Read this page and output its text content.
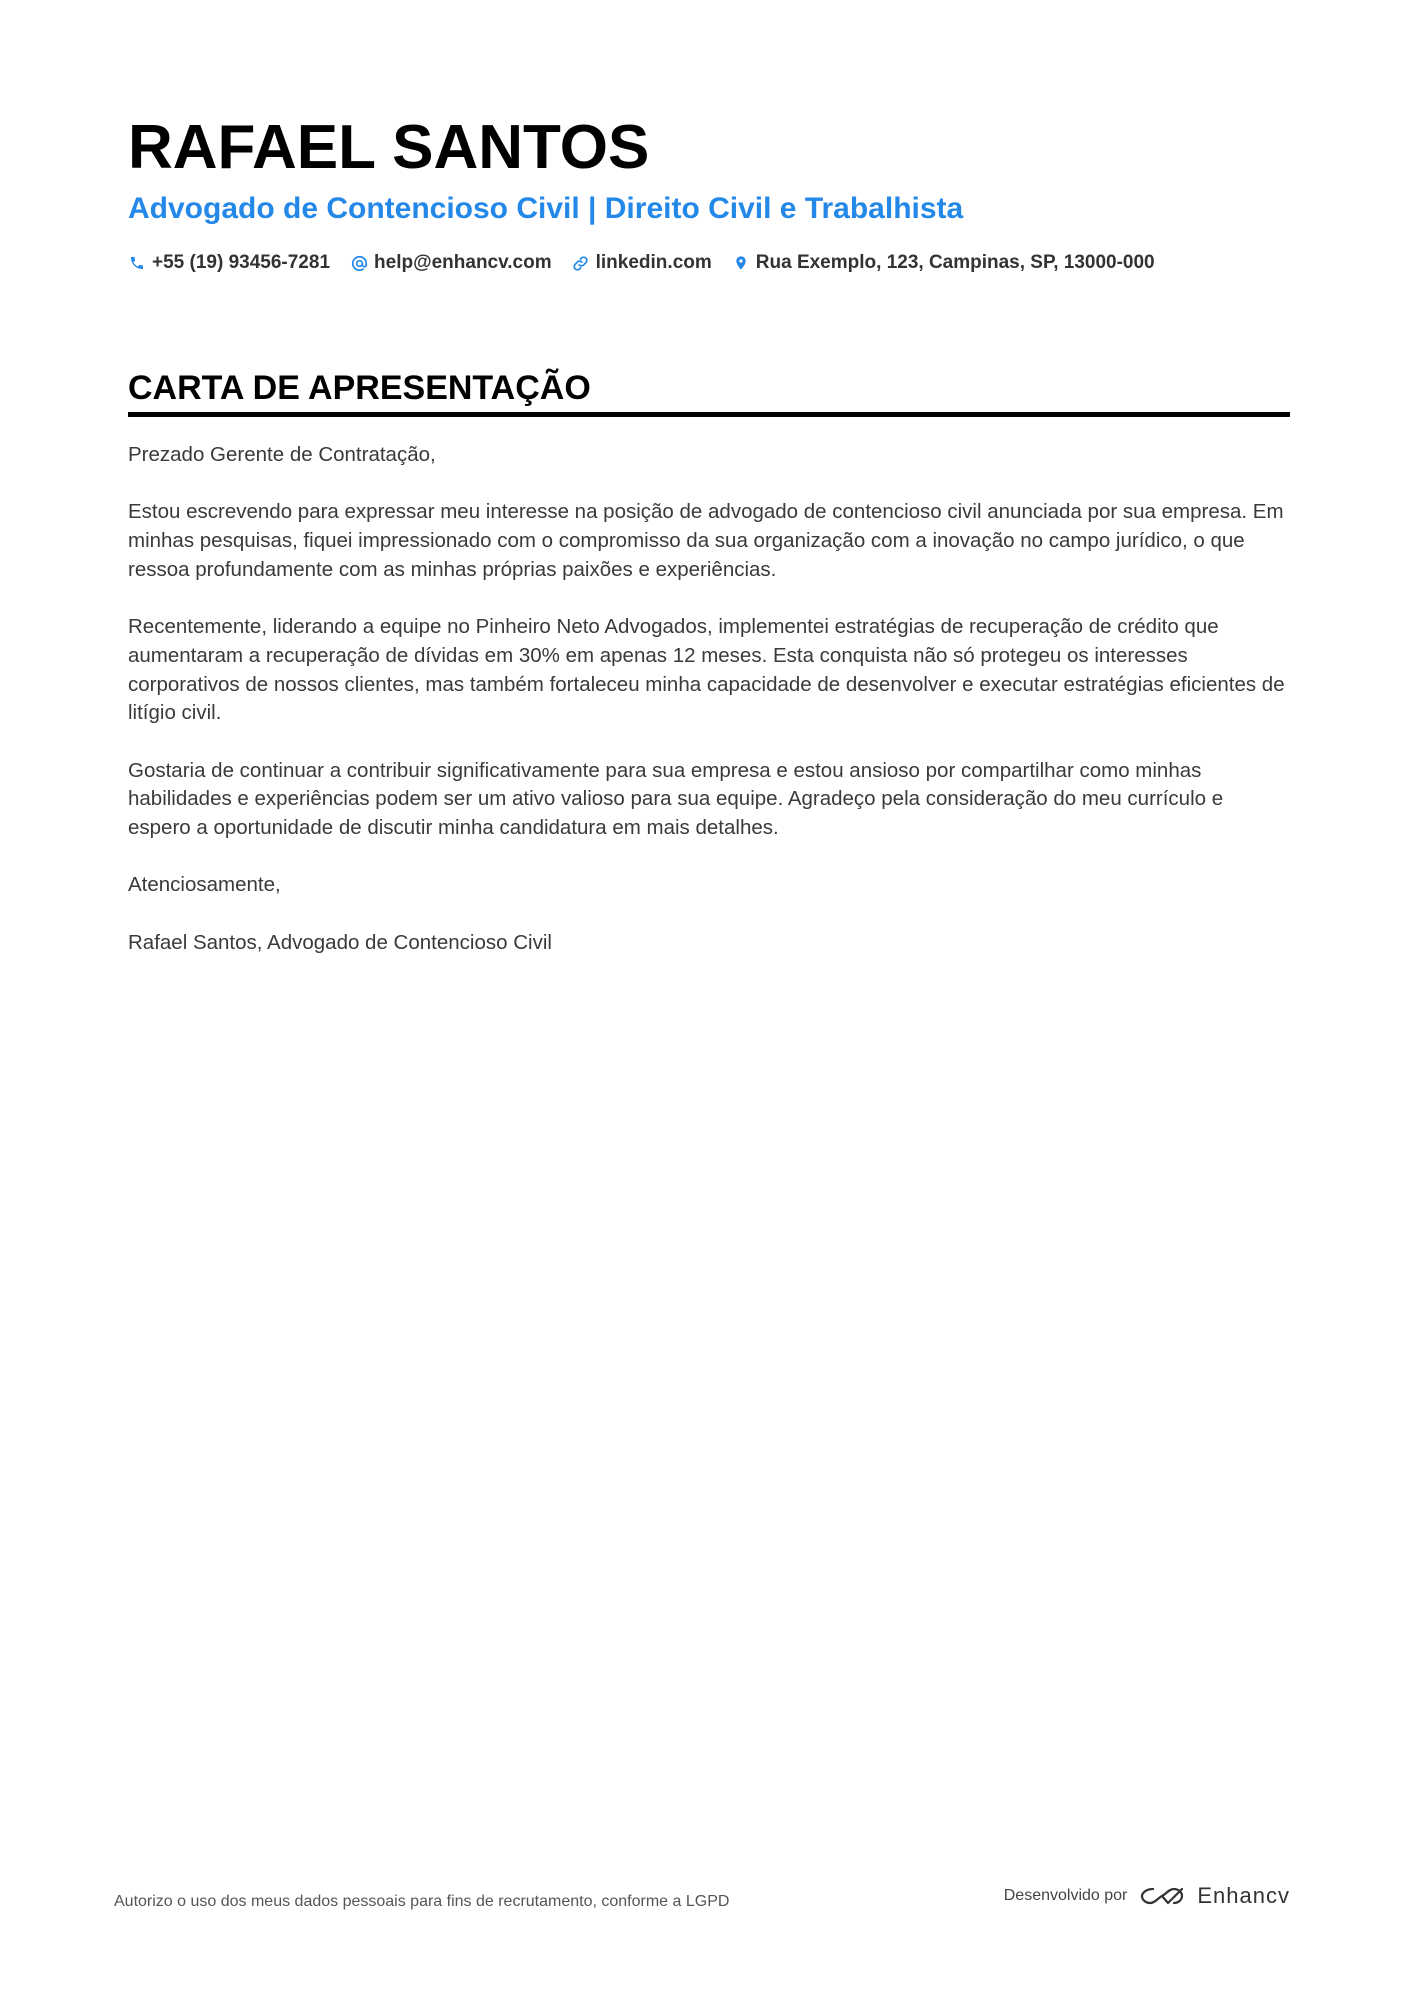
RAFAEL SANTOS
Advogado de Contencioso Civil | Direito Civil e Trabalhista
+55 (19) 93456-7281 help@enhancv.com linkedin.com Rua Exemplo, 123, Campinas, SP, 13000-000
CARTA DE APRESENTAÇÃO

Prezado Gerente de Contratação,

Estou escrevendo para expressar meu interesse na posição de advogado de contencioso civil anunciada por sua empresa. Em minhas pesquisas, fiquei impressionado com o compromisso da sua organização com a inovação no campo jurídico, o que ressoa profundamente com as minhas próprias paixões e experiências.

Recentemente, liderando a equipe no Pinheiro Neto Advogados, implementei estratégias de recuperação de crédito que aumentaram a recuperação de dívidas em 30% em apenas 12 meses. Esta conquista não só protegeu os interesses corporativos de nossos clientes, mas também fortaleceu minha capacidade de desenvolver e executar estratégias eficientes de litígio civil.

Gostaria de continuar a contribuir significativamente para sua empresa e estou ansioso por compartilhar como minhas habilidades e experiências podem ser um ativo valioso para sua equipe. Agradeço pela consideração do meu currículo e espero a oportunidade de discutir minha candidatura em mais detalhes.

Atenciosamente,

Rafael Santos, Advogado de Contencioso Civil

Autorizo o uso dos meus dados pessoais para fins de recrutamento, conforme a LGPD	Desenvolvido por	Enhancv
